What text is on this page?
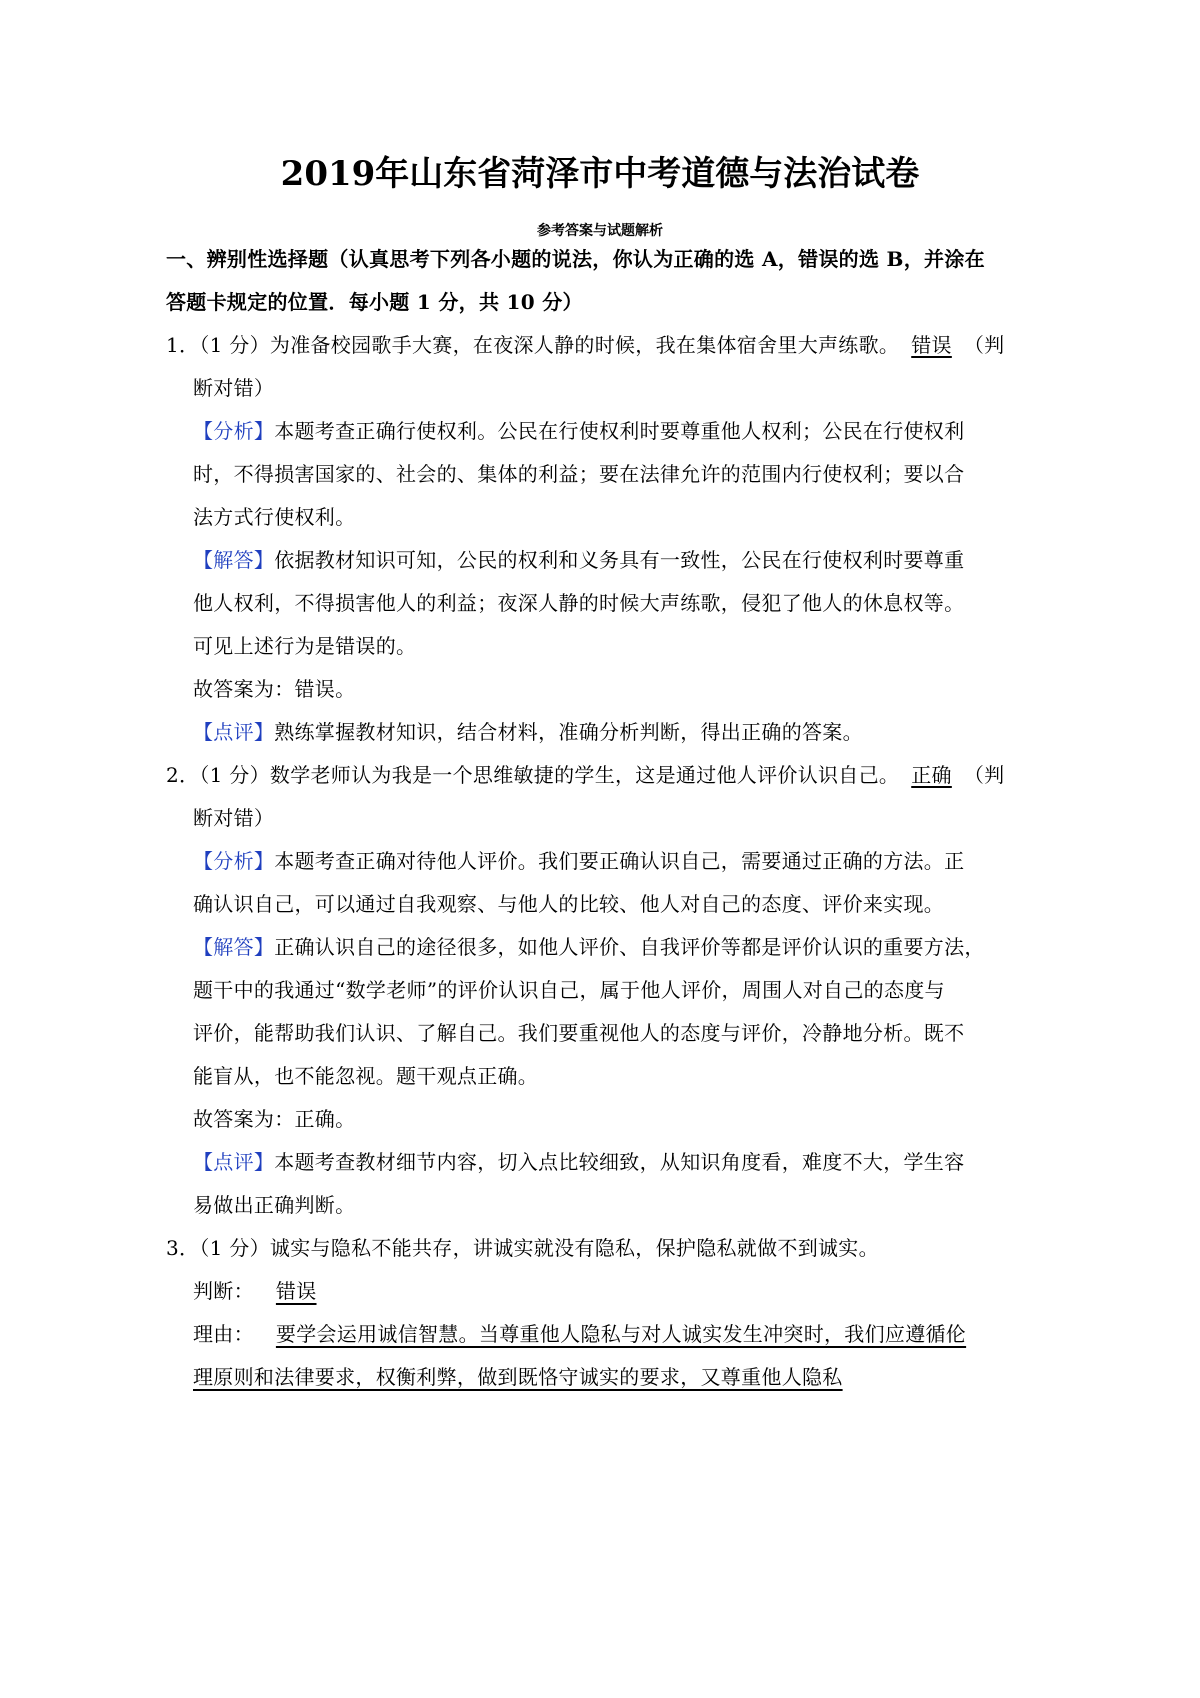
2019年山东省菏泽市中考道德与法治试卷
参考答案与试题解析
一、辨别性选择题（认真思考下列各小题的说法，你认为正确的选 A，错误的选 B，并涂在
答题卡规定的位置．每小题 1 分，共 10 分）
1．（1 分）为准备校园歌手大赛，在夜深人静的时候，我在集体宿舍里大声练歌。 错误 （判
断对错）
【分析】本题考查正确行使权利。公民在行使权利时要尊重他人权利；公民在行使权利
时，不得损害国家的、社会的、集体的利益；要在法律允许的范围内行使权利；要以合
法方式行使权利。
【解答】依据教材知识可知，公民的权利和义务具有一致性，公民在行使权利时要尊重
他人权利，不得损害他人的利益；夜深人静的时候大声练歌，侵犯了他人的休息权等。
可见上述行为是错误的。
故答案为：错误。
【点评】熟练掌握教材知识，结合材料，准确分析判断，得出正确的答案。
2．（1 分）数学老师认为我是一个思维敏捷的学生，这是通过他人评价认识自己。 正确 （判
断对错）
【分析】本题考查正确对待他人评价。我们要正确认识自己，需要通过正确的方法。正
确认识自己，可以通过自我观察、与他人的比较、他人对自己的态度、评价来实现。
【解答】正确认识自己的途径很多，如他人评价、自我评价等都是评价认识的重要方法，
题干中的我通过“数学老师”的评价认识自己，属于他人评价，周围人对自己的态度与
评价，能帮助我们认识、了解自己。我们要重视他人的态度与评价，冷静地分析。既不
能盲从，也不能忽视。题干观点正确。
故答案为：正确。
【点评】本题考查教材细节内容，切入点比较细致，从知识角度看，难度不大，学生容
易做出正确判断。
3．（1 分）诚实与隐私不能共存，讲诚实就没有隐私，保护隐私就做不到诚实。
判断： 错误
理由： 要学会运用诚信智慧。当尊重他人隐私与对人诚实发生冲突时，我们应遵循伦
理原则和法律要求，权衡利弊，做到既恪守诚实的要求，又尊重他人隐私
